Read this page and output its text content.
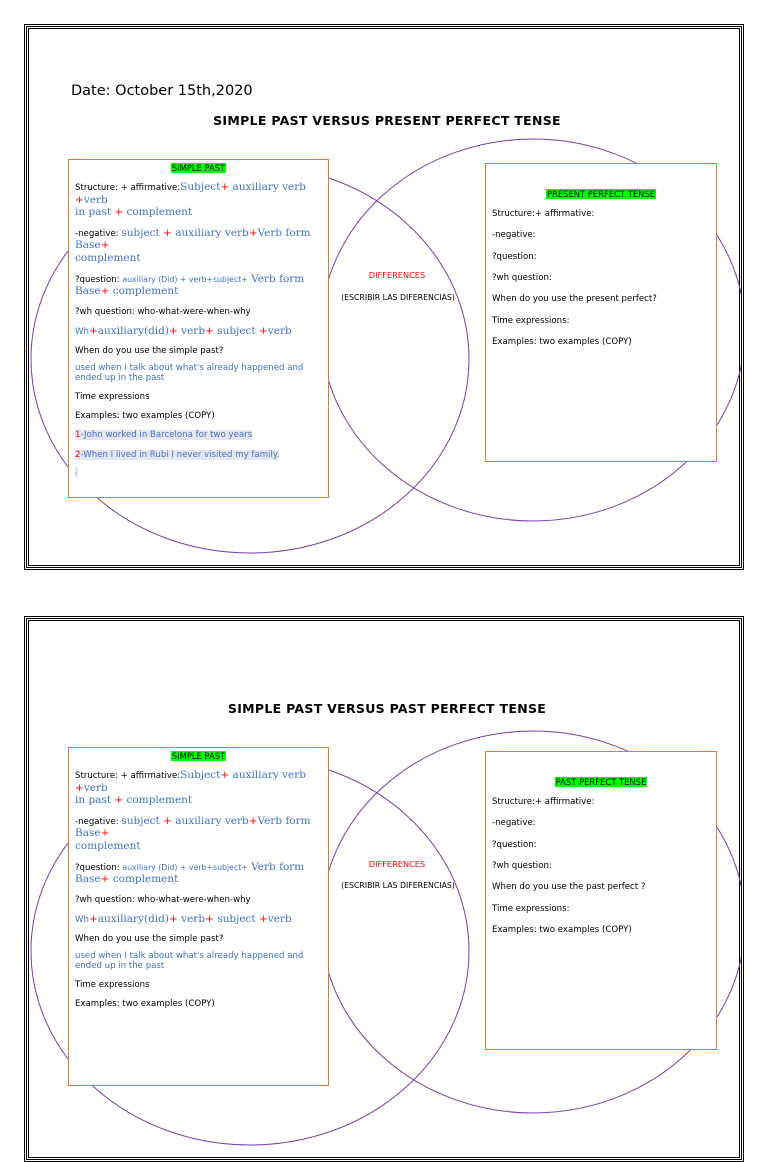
Date: October 15th,2020
SIMPLE PAST VERSUS PRESENT PERFECT TENSE

SIMPLE PAST

Structure: + affirmative:Subject+ auxiliary verb +verb
in past + complement

-negative: subject + auxiliary verb+Verb form Base+
complement

?question: auxiliary (Did) + verb+subject+ Verb form
Base+ complement

?wh question: who-what-were-when-why

Wh+auxiliary(did)+ verb+ subject +verb

When do you use the simple past?

used when I talk about what's already happened and ended up in the past

Time expressions

Examples: two examples (COPY)

1-John worked in Barcelona for two years

2-When I lived in Rubi I never visited my family.

.

DIFFERENCES
(ESCRIBIR LAS DIFERENCIAS)

PRESENT PERFECT TENSE

Structure:+ affirmative:

-negative:

?question:

?wh question:

When do you use the present perfect?

Time expressions:

Examples: two examples (COPY)

SIMPLE PAST VERSUS PAST PERFECT TENSE

SIMPLE PAST

Structure: + affirmative:Subject+ auxiliary verb +verb
in past + complement

-negative: subject + auxiliary verb+Verb form Base+
complement

?question: auxiliary (Did) + verb+subject+ Verb form
Base+ complement

?wh question: who-what-were-when-why

Wh+auxiliary(did)+ verb+ subject +verb

When do you use the simple past?

used when I talk about what's already happened and ended up in the past

Time expressions

Examples: two examples (COPY)

DIFFERENCES
(ESCRIBIR LAS DIFERENCIAS)

PAST PERFECT TENSE

Structure:+ affirmative:

-negative:

?question:

?wh question:

When do you use the past perfect ?

Time expressions:

Examples: two examples (COPY)
